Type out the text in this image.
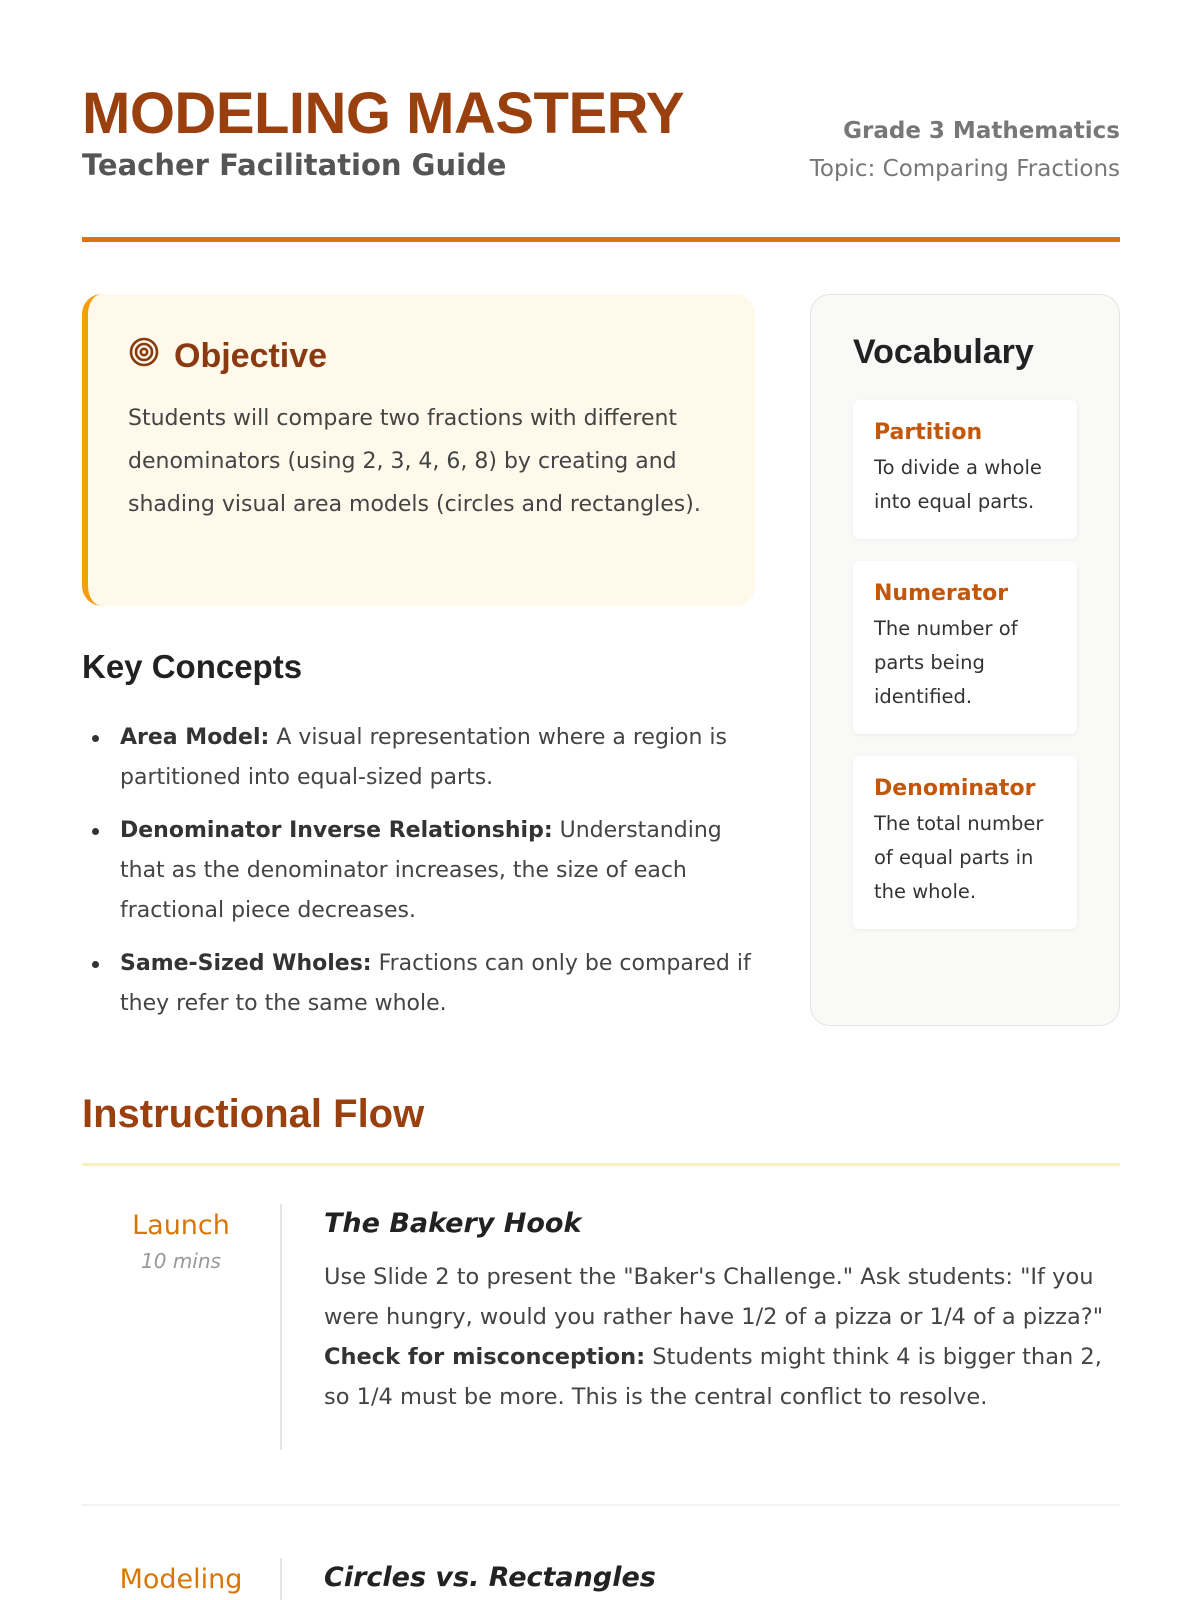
MODELING MASTERY
Teacher Facilitation Guide
Grade 3 Mathematics
Topic: Comparing Fractions
Objective
Students will compare two fractions with different denominators (using 2, 3, 4, 6, 8) by creating and shading visual area models (circles and rectangles).
Key Concepts
Area Model: A visual representation where a region is partitioned into equal-sized parts.
Denominator Inverse Relationship: Understanding that as the denominator increases, the size of each fractional piece decreases.
Same-Sized Wholes: Fractions can only be compared if they refer to the same whole.
Vocabulary
Partition
To divide a whole into equal parts.
Numerator
The number of parts being identified.
Denominator
The total number of equal parts in the whole.
Instructional Flow
Launch
10 mins
The Bakery Hook
Use Slide 2 to present the "Baker's Challenge." Ask students: "If you were hungry, would you rather have 1/2 of a pizza or 1/4 of a pizza?" Check for misconception: Students might think 4 is bigger than 2, so 1/4 must be more. This is the central conflict to resolve.
Modeling	Circles vs. Rectangles
